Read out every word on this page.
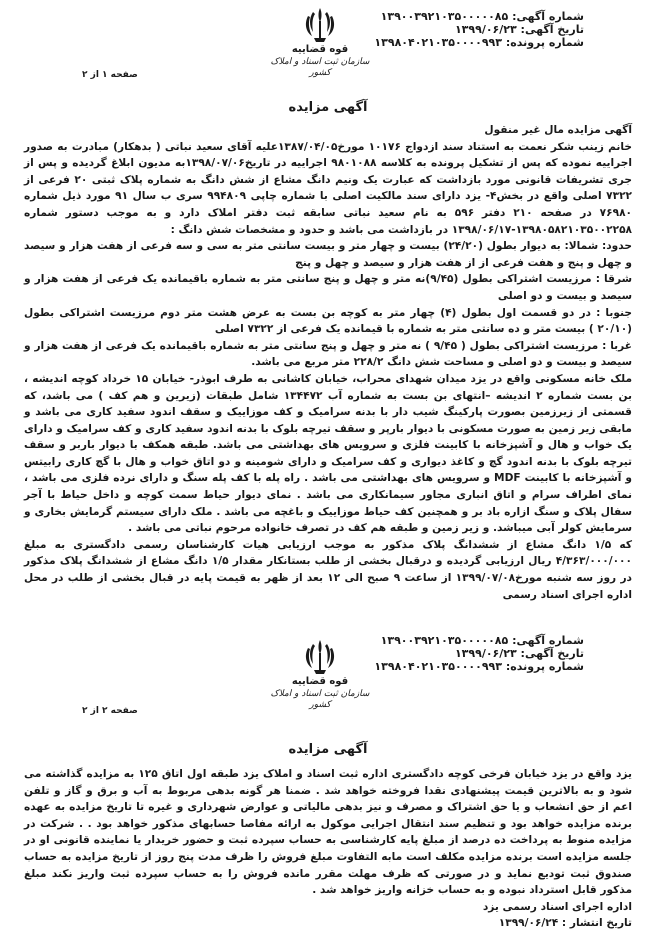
شماره آگهی: ۱۳۹۰۰۳۹۲۱۰۳۵۰۰۰۰۰۸۵
تاریخ آگهی: ۱۳۹۹/۰۶/۲۳
شماره پرونده: ۱۳۹۸۰۴۰۲۱۰۳۵۰۰۰۰۹۹۳
قوه قضاییه
سازمان ثبت اسناد و املاک کشور
صفحه ۱ از ۲
آگهی مزایده

آگهی مزایده مال غیر منقول

خانم زینب شکر نعمت به استناد سند ازدواج ۱۰۱۷۶ مورخ۱۳۸۷/۰۴/۰۵علیه آقای سعید نباتی ( بدهکار) مبادرت به صدور اجراییه نموده که پس از تشکیل پرونده به کلاسه ۹۸۰۱۰۸۸ اجراییه در تاریخ۱۳۹۸/۰۷/۰۶به مدیون ابلاغ گردیده و پس از جری تشریفات قانونی مورد بازداشت که عبارت یک ونیم دانگ مشاع از شش دانگ به شماره پلاک ثبتی ۲۰ فرعی از ۷۳۲۲ اصلی واقع در بخش۴- یزد دارای سند مالکیت اصلی با شماره چاپی ۹۹۴۸۰۹ سری ب سال ۹۱ مورد ذیل شماره ۷۶۹۸۰ در صفحه ۲۱۰ دفتر ۵۹۶ به نام سعید نباتی سابقه ثبت دفتر املاک دارد و به موجب دستور شماره ۱۳۹۸۰۵۸۲۱۰۳۵۰۰۲۲۵۸-۱۳۹۸/۰۶/۱۷ در بازداشت می باشد و حدود و مشخصات شش دانگ :

حدود: شمالا: به دیوار بطول (۲۴/۲۰) بیست و چهار متر و بیست سانتی متر به سی و سه فرعی از هفت هزار و سیصد و چهل و پنج و هفت فرعی از از هفت هزار و سیصد و چهل و پنج

شرقا : مرزیست اشتراکی بطول (۹/۴۵)نه متر و چهل و پنج سانتی متر به شماره باقیمانده یک فرعی از هفت هزار و سیصد و بیست و دو اصلی

جنوبا : در دو قسمت اول بطول (۴) چهار متر به کوچه بن بست به عرض هشت متر دوم مرزیست اشتراکی بطول (۲۰/۱۰ ) بیست متر و ده سانتی متر به شماره با قیمانده یک فرعی از ۷۳۲۲ اصلی

غربا : مرزیست اشتراکی بطول ( ۹/۴۵ ) نه متر و چهل و پنج سانتی متر به شماره باقیمانده یک فرعی از هفت هزار و سیصد و بیست و دو اصلی و مساحت شش دانگ ۲۲۸/۲ متر مربع می باشد.

ملک خانه مسکونی واقع در یزد میدان شهدای محراب، خیابان کاشانی به طرف ابوذر- خیابان ۱۵ خرداد کوچه اندیشه ، بن بست شماره ۲ اندیشه –انتهای بن بست به شماره آب ۱۳۴۴۷۲ شامل طبقات (زیرین و هم کف ) می باشد، که قسمتی از زیرزمین بصورت پارکینگ شیب دار با بدنه سرامیک و کف موزاییک و سقف اندود سفید کاری می باشد و مابقی زیر زمین به صورت مسکونی با دیوار بارپر و سقف تیرچه بلوک با بدنه اندود سفید کاری و کف سرامیک و دارای یک خواب و هال و آشپزخانه با کابینت فلزی و سرویس های بهداشتی می باشد. طبقه همکف با دیوار باربر و سقف تیرچه بلوک با بدنه اندود گچ و کاغذ دیواری و کف سرامیک و دارای شومینه و دو اتاق خواب و هال با گچ کاری رابیتس و آشپزخانه با کابینت MDF و سرویس های بهداشتی می باشد . راه پله با کف پله سنگ و دارای نرده فلزی می باشد ، نمای اطراف سرام و اتاق انباری مجاور سیمانکاری می باشد . نمای دیوار حیاط سمت کوچه و داخل حیاط با آجر سفال پلاک و سنگ ازاره باد بر و همچنین کف حیاط موزاییک و باغچه می باشد . ملک دارای سیستم گرمایش بخاری و سرمایش کولر آبی میباشد. و زیر زمین و طبقه هم کف در تصرف خانواده مرحوم نباتی می باشد .

که ۱/۵ دانگ مشاع از ششدانگ پلاک مذکور به موجب ارزیابی هیات کارشناسان رسمی دادگستری به مبلغ ۴/۳۶۳/۰۰۰/۰۰۰ ریال ارزیابی گردیده و درقبال بخشی از طلب بستانکار مقدار ۱/۵ دانگ مشاع از ششدانگ پلاک مذکور در روز سه شنبه مورخ۱۳۹۹/۰۷/۰۸ از ساعت ۹ صبح الی ۱۲ بعد از ظهر به قیمت پایه در قبال بخشی از طلب در محل اداره اجرای اسناد رسمی

شماره آگهی: ۱۳۹۰۰۳۹۲۱۰۳۵۰۰۰۰۰۸۵
تاریخ آگهی: ۱۳۹۹/۰۶/۲۳
شماره پرونده: ۱۳۹۸۰۴۰۲۱۰۳۵۰۰۰۰۹۹۳
قوه قضاییه
سازمان ثبت اسناد و املاک کشور
صفحه ۲ از ۲
آگهی مزایده

یزد واقع در یزد خیابان فرخی کوچه دادگستری اداره ثبت اسناد و املاک یزد طبقه اول اتاق ۱۲۵ به مزایده گذاشته می شود و به بالاترین قیمت پیشنهادی نقدا فروخته خواهد شد . ضمنا هر گونه بدهی مربوط به آب و برق و گاز و تلفن اعم از حق انشعاب و یا حق اشتراک و مصرف و نیز بدهی مالیاتی و عوارض شهرداری و غیره تا تاریخ مزایده به عهده برنده مزایده خواهد بود و تنظیم سند انتقال اجرایی موکول به ارائه مفاصا حسابهای مذکور خواهد بود . . شرکت در مزایده منوط به پرداخت ده درصد از مبلغ پایه کارشناسی به حساب سپرده ثبت و حضور خریدار یا نماینده قانونی او در جلسه مزایده است برنده مزایده مکلف است مابه التفاوت مبلغ فروش را ظرف مدت پنج روز از تاریخ مزایده به حساب صندوق ثبت تودیع نماید و در صورتی که ظرف مهلت مقرر مانده فروش را به حساب سپرده ثبت واریز نکند مبلغ مذکور قابل استرداد نبوده و به حساب خزانه واریز خواهد شد .

اداره اجرای اسناد رسمی یزد

تاریخ انتشار : ۱۳۹۹/۰۶/۲۴
